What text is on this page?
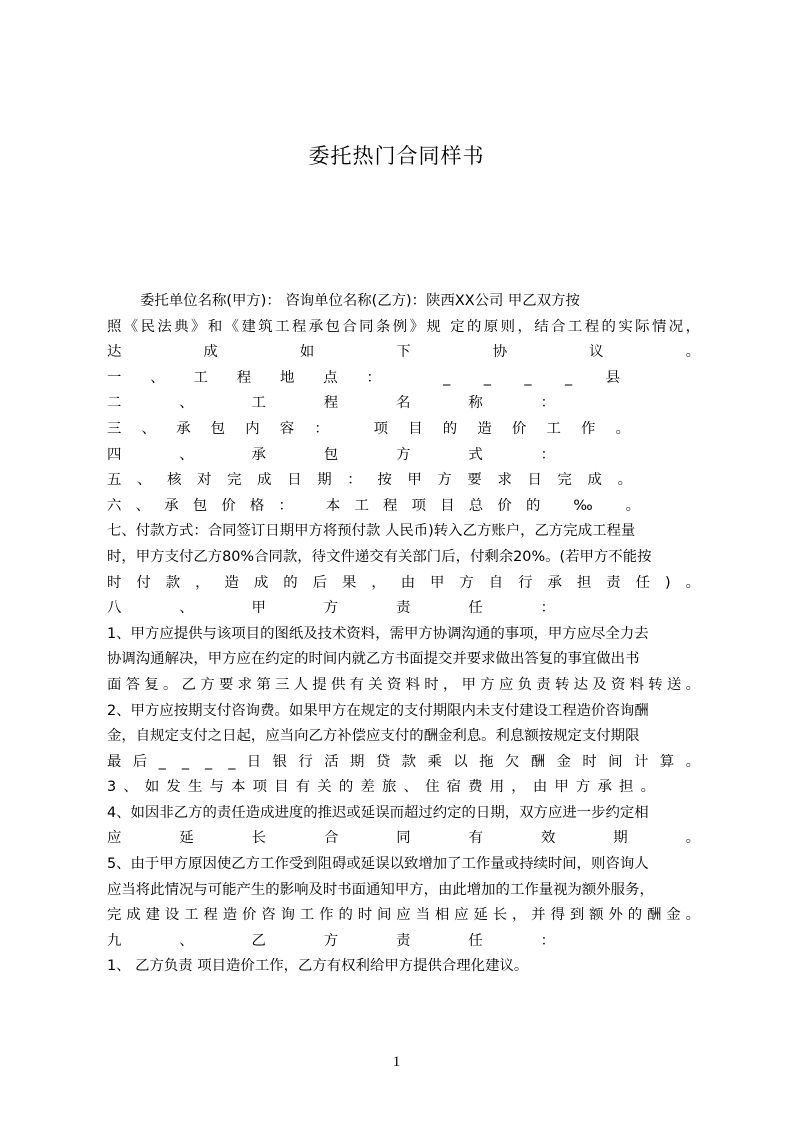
委托热门合同样书
委托单位名称(甲方)： 咨询单位名称(乙方)：陕西XX公司 甲乙双方按
照《民法典》和《建筑工程承包合同条例》规 定的原则，结合工程的实际情况，
达成如下协议。
一、工程地点： _ _ _ _ 县
二、工程名称：
三、承包内容： 项目的造价工作。
四、承包方式：
五、核对完成日期：按甲方要求日完成。
六、承包价格： 本工程项目总价的 ‰ 。
七、付款方式：合同签订日期甲方将预付款 人民币)转入乙方账户，乙方完成工程量
时，甲方支付乙方80%合同款，待文件递交有关部门后，付剩余20%。(若甲方不能按
时付款，造成的后果，由甲方自行承担责任)。
八、甲方责任：
1、甲方应提供与该项目的图纸及技术资料，需甲方协调沟通的事项，甲方应尽全力去
协调沟通解决，甲方应在约定的时间内就乙方书面提交并要求做出答复的事宜做出书
面答复。乙方要求第三人提供有关资料时，甲方应负责转达及资料转送。
2、甲方应按期支付咨询费。如果甲方在规定的支付期限内未支付建设工程造价咨询酬
金，自规定支付之日起，应当向乙方补偿应支付的酬金利息。利息额按规定支付期限
最后_ _ _ _日银行活期贷款乘以拖欠酬金时间计算。
3、如发生与本项目有关的差旅、住宿费用，由甲方承担。
4、如因非乙方的责任造成进度的推迟或延误而超过约定的日期，双方应进一步约定相
应延长合同有效期。
5、由于甲方原因使乙方工作受到阻碍或延误以致增加了工作量或持续时间，则咨询人
应当将此情况与可能产生的影响及时书面通知甲方，由此增加的工作量视为额外服务，
完成建设工程造价咨询工作的时间应当相应延长，并得到额外的酬金。
九、乙方责任：
1、 乙方负责 项目造价工作，乙方有权利给甲方提供合理化建议。
1
